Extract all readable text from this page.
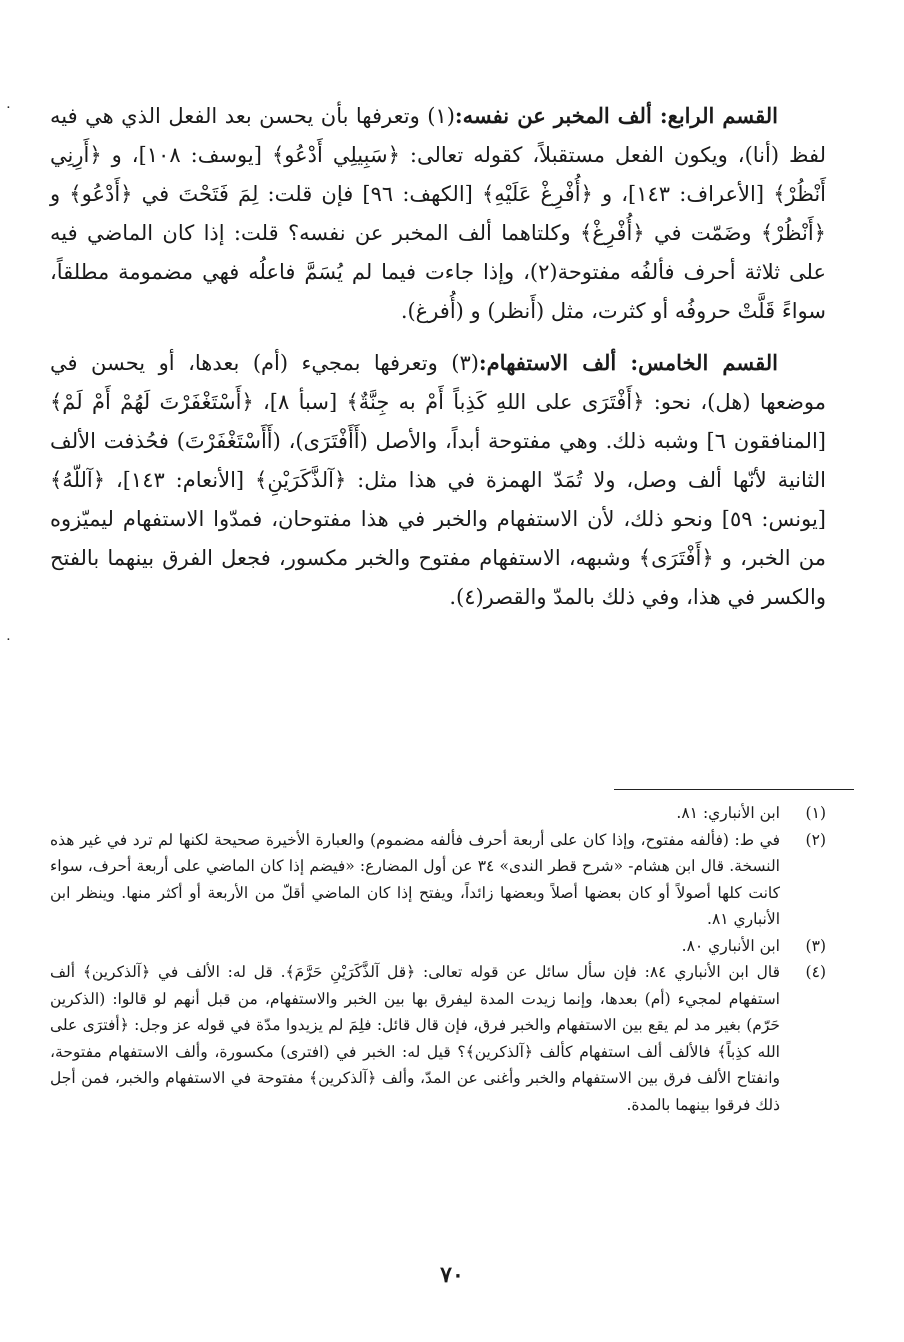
القسم الرابع: ألف المخبر عن نفسه:(١) وتعرفها بأن يحسن بعد الفعل الذي هي فيه لفظ (أنا)، ويكون الفعل مستقبلاً، كقوله تعالى: ﴿سَبِيلِي أَدْعُو﴾ [يوسف: ١٠٨]، و ﴿أَرِنِي أَنْظُرْ﴾ [الأعراف: ١٤٣]، و ﴿أُفْرِغْ عَلَيْهِ﴾ [الكهف: ٩٦] فإن قلت: لِمَ فَتَحْتَ في ﴿أَدْعُو﴾ و ﴿أَنْظُرْ﴾ وضَمّت في ﴿أُفْرِغْ﴾ وكلتاهما ألف المخبر عن نفسه؟ قلت: إذا كان الماضي فيه على ثلاثة أحرف فألفُه مفتوحة(٢)، وإذا جاءت فيما لم يُسَمَّ فاعلُه فهي مضمومة مطلقاً، سواءً قَلَّتْ حروفُه أو كثرت، مثل (أَنظر) و (أُفرغ).

القسم الخامس: ألف الاستفهام:(٣) وتعرفها بمجيء (أم) بعدها، أو يحسن في موضعها (هل)، نحو: ﴿أَفْتَرَى على اللهِ كَذِباً أَمْ به جِنَّةٌ﴾ [سبأ ٨]، ﴿أَسْتَغْفَرْتَ لَهُمْ أَمْ لَمْ﴾ [المنافقون ٦] وشبه ذلك. وهي مفتوحة أبداً، والأصل (أَأَفْتَرَى)، (أَأَسْتَغْفَرْتَ) فحُذفت الألف الثانية لأنّها ألف وصل، ولا تُمَدّ الهمزة في هذا مثل: ﴿آلذَّكَرَيْنِ﴾ [الأنعام: ١٤٣]، ﴿آللّهُ﴾ [يونس: ٥٩] ونحو ذلك، لأن الاستفهام والخبر في هذا مفتوحان، فمدّوا الاستفهام ليميّزوه من الخبر، و ﴿أَفْتَرَى﴾ وشبهه، الاستفهام مفتوح والخبر مكسور، فجعل الفرق بينهما بالفتح والكسر في هذا، وفي ذلك بالمدّ والقصر(٤).

(١)
ابن الأنباري: ٨١.
(٢)
في ط: (فألفه مفتوح، وإذا كان على أربعة أحرف فألفه مضموم) والعبارة الأخيرة صحيحة لكنها لم ترد في غير هذه النسخة. قال ابن هشام- «شرح قطر الندى» ٣٤ عن أول المضارع: «فيضم إذا كان الماضي على أربعة أحرف، سواء كانت كلها أصولاً أو كان بعضها أصلاً وبعضها زائداً، ويفتح إذا كان الماضي أقلّ من الأربعة أو أكثر منها. وينظر ابن الأنباري ٨١.
(٣)
ابن الأنباري ٨٠.
(٤)
قال ابن الأنباري ٨٤: فإن سأل سائل عن قوله تعالى: ﴿قل آلذَّكَرَيْنِ حَرَّمَ﴾. قل له: الألف في ﴿آلذكرين﴾ ألف استفهام لمجيء (أم) بعدها، وإنما زيدت المدة ليفرق بها بين الخبر والاستفهام، من قبل أنهم لو قالوا: (الذكرين حَرّم) بغير مد لم يقع بين الاستفهام والخبر فرق، فإن قال قائل: فلِمَ لم يزيدوا مدّة في قوله عز وجل: ﴿أفترَى على الله كذِباً﴾ فالألف ألف استفهام كألف ﴿آلذكرين﴾؟ قيل له: الخبر في (افترى) مكسورة، وألف الاستفهام مفتوحة، وانفتاح الألف فرق بين الاستفهام والخبر وأغنى عن المدّ، وألف ﴿آلذكرين﴾ مفتوحة في الاستفهام والخبر، فمن أجل ذلك فرقوا بينهما بالمدة.
٧٠
⋅
⋅
